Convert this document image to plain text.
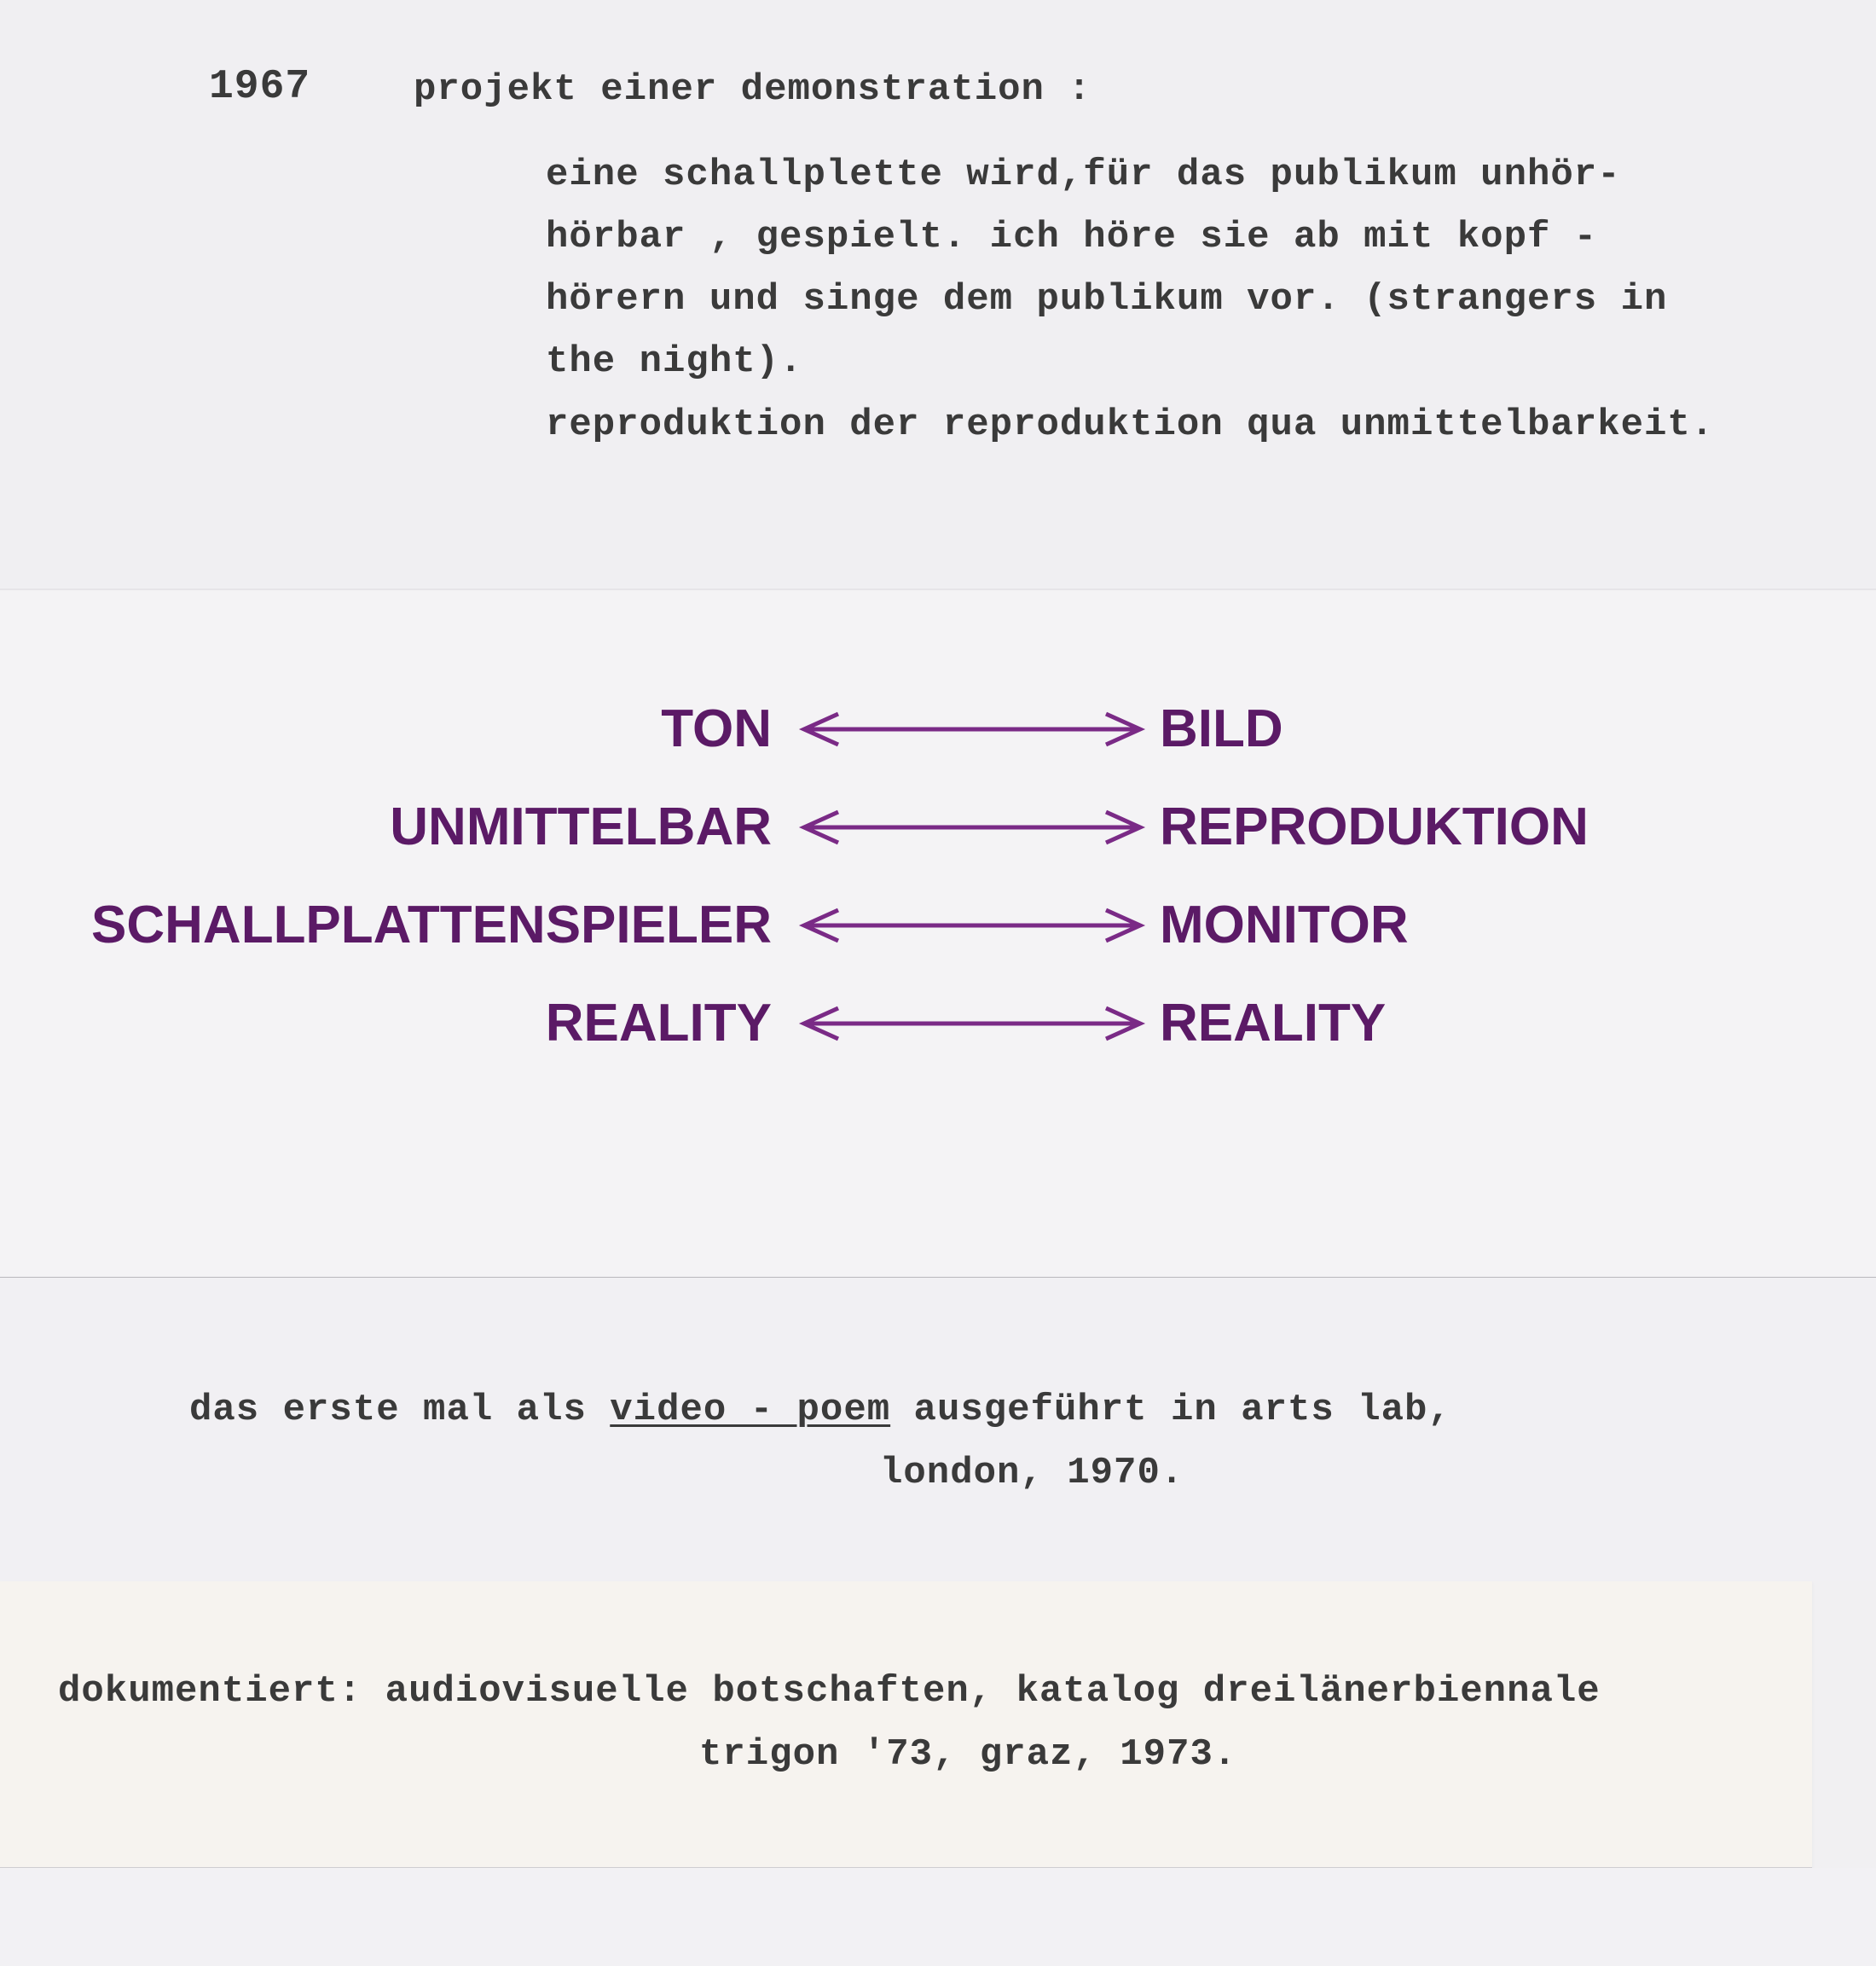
1967	projekt einer demonstration :
eine schallplette wird,für das publikum unhör-
hörbar , gespielt. ich höre sie ab mit kopf -
hörern und singe dem publikum vor. (strangers in
the night).
reproduktion der reproduktion qua unmittelbarkeit.
TON	BILD
UNMITTELBAR	REPRODUKTION
SCHALLPLATTENSPIELER	MONITOR
REALITY	REALITY
das erste mal als video - poem ausgeführt in arts lab,
london, 1970.
dokumentiert: audiovisuelle botschaften, katalog dreilänerbiennale
trigon '73, graz, 1973.
